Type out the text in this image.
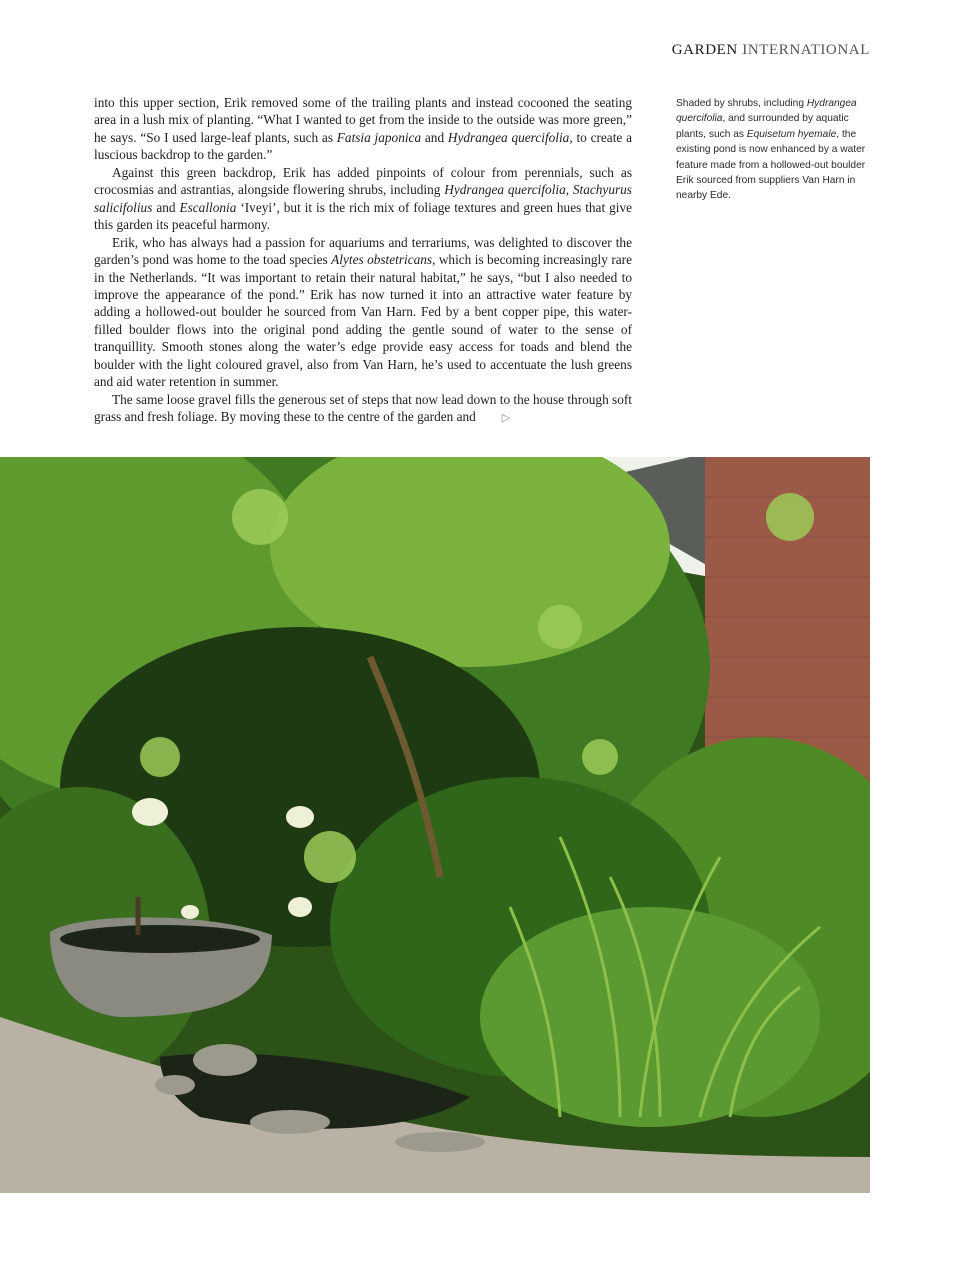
GARDEN INTERNATIONAL

into this upper section, Erik removed some of the trailing plants and instead cocooned the seating area in a lush mix of planting. “What I wanted to get from the inside to the outside was more green,” he says. “So I used large-leaf plants, such as Fatsia japonica and Hydrangea quercifolia, to create a luscious backdrop to the garden.”

Against this green backdrop, Erik has added pinpoints of colour from perennials, such as crocosmias and astrantias, alongside flowering shrubs, including Hydrangea quercifolia, Stachyurus salicifolius and Escallonia ‘Iveyi’, but it is the rich mix of foliage textures and green hues that give this garden its peaceful harmony.

Erik, who has always had a passion for aquariums and terrariums, was delighted to discover the garden’s pond was home to the toad species Alytes obstetricans, which is becoming increasingly rare in the Netherlands. “It was important to retain their natural habitat,” he says, “but I also needed to improve the appearance of the pond.” Erik has now turned it into an attractive water feature by adding a hollowed-out boulder he sourced from Van Harn. Fed by a bent copper pipe, this water-filled boulder flows into the original pond adding the gentle sound of water to the sense of tranquillity. Smooth stones along the water’s edge provide easy access for toads and blend the boulder with the light coloured gravel, also from Van Harn, he’s used to accentuate the lush greens and aid water retention in summer.

The same loose gravel fills the generous set of steps that now lead down to the house through soft grass and fresh foliage. By moving these to the centre of the garden and ▷

Shaded by shrubs, including Hydrangea quercifolia, and surrounded by aquatic plants, such as Equisetum hyemale, the existing pond is now enhanced by a water feature made from a hollowed-out boulder Erik sourced from suppliers Van Harn in nearby Ede.
